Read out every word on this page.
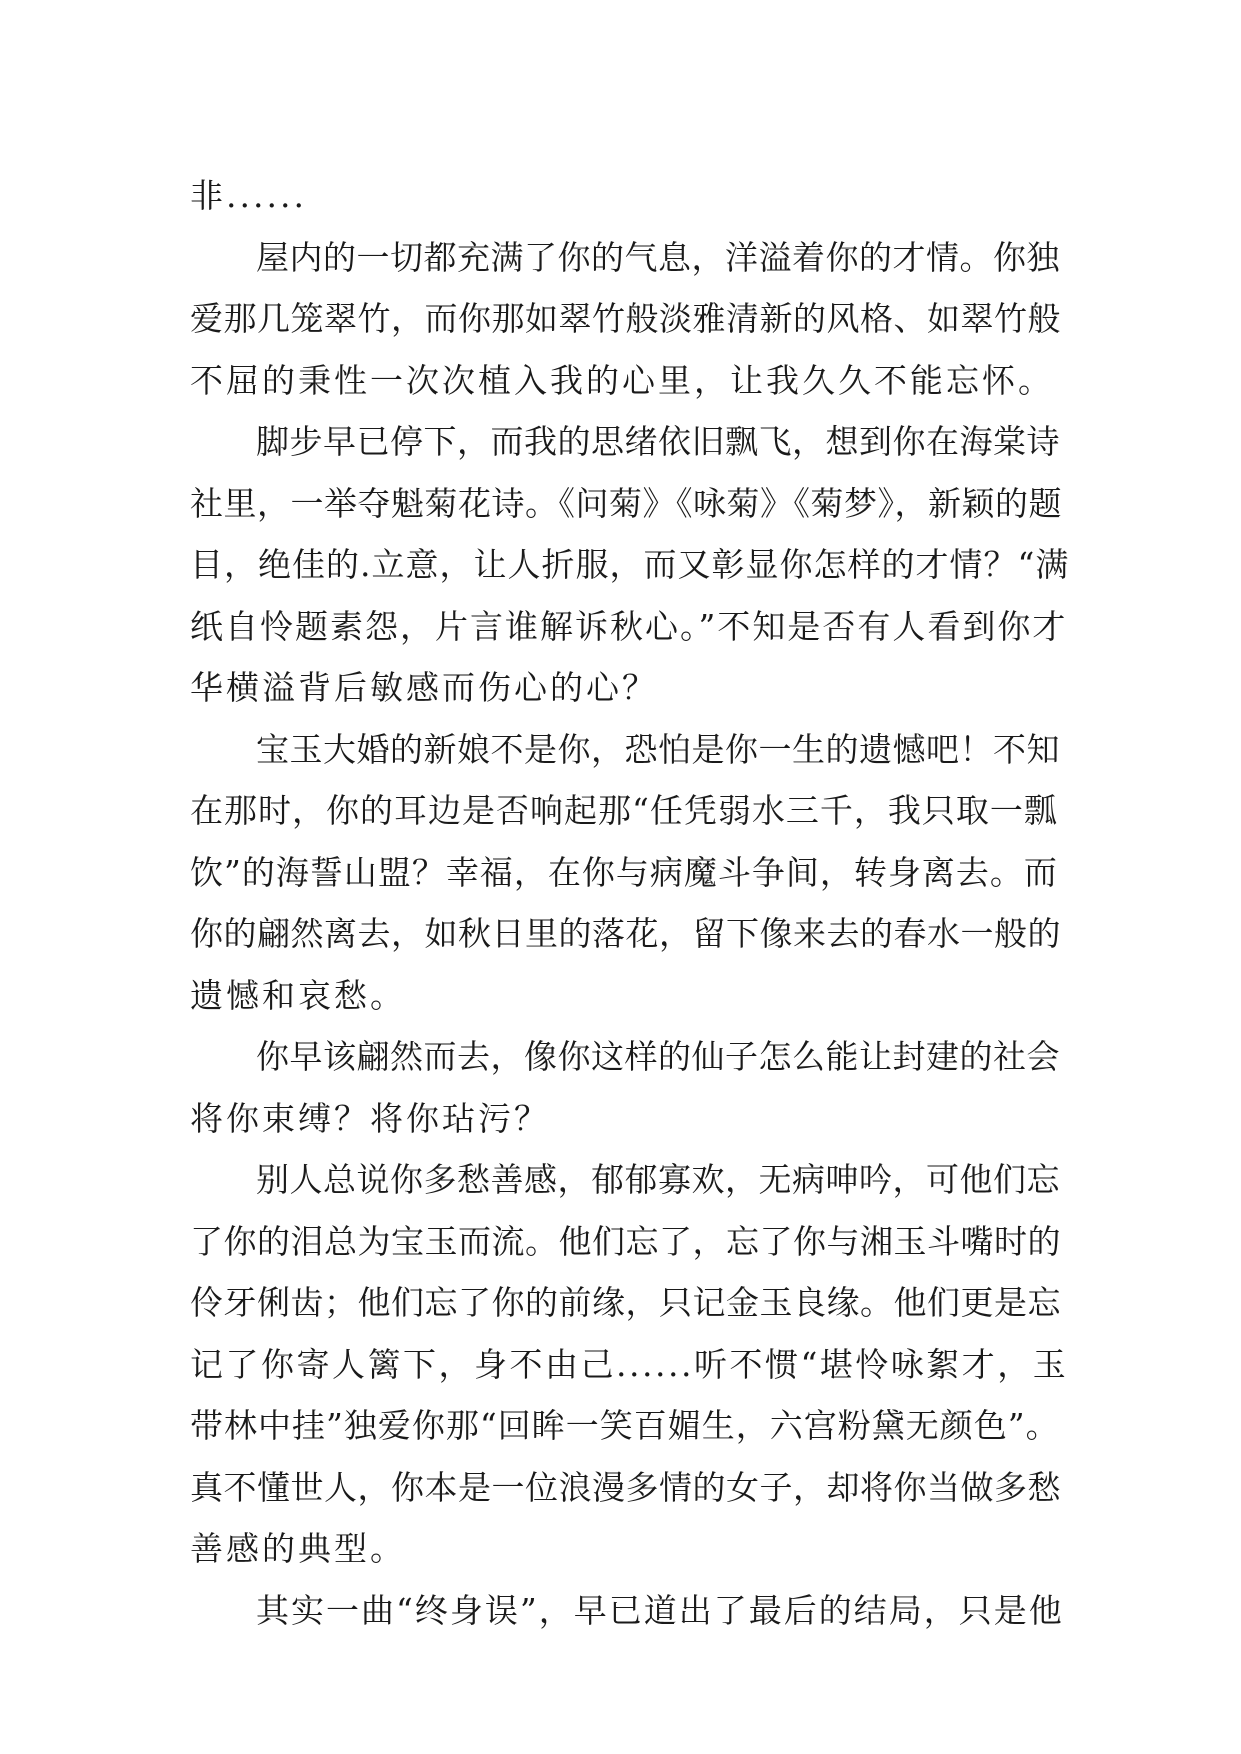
非......
屋内的一切都充满了你的气息，洋溢着你的才情。你独
爱那几笼翠竹，而你那如翠竹般淡雅清新的风格、如翠竹般
不屈的秉性一次次植入我的心里，让我久久不能忘怀。
脚步早已停下，而我的思绪依旧飘飞，想到你在海棠诗
社里，一举夺魁菊花诗。《问菊》《咏菊》《菊梦》，新颖的题
目，绝佳的.立意，让人折服，而又彰显你怎样的才情？“满
纸自怜题素怨，片言谁解诉秋心。”不知是否有人看到你才
华横溢背后敏感而伤心的心？
宝玉大婚的新娘不是你，恐怕是你一生的遗憾吧！不知
在那时，你的耳边是否响起那“任凭弱水三千，我只取一瓢
饮”的海誓山盟？幸福，在你与病魔斗争间，转身离去。而
你的翩然离去，如秋日里的落花，留下像来去的春水一般的
遗憾和哀愁。
你早该翩然而去，像你这样的仙子怎么能让封建的社会
将你束缚？将你玷污？
别人总说你多愁善感，郁郁寡欢，无病呻吟，可他们忘
了你的泪总为宝玉而流。他们忘了，忘了你与湘玉斗嘴时的
伶牙俐齿；他们忘了你的前缘，只记金玉良缘。他们更是忘
记了你寄人篱下，身不由己......听不惯“堪怜咏絮才，玉
带林中挂”独爱你那“回眸一笑百媚生，六宫粉黛无颜色”。
真不懂世人，你本是一位浪漫多情的女子，却将你当做多愁
善感的典型。
其实一曲“终身误”，早已道出了最后的结局，只是他
